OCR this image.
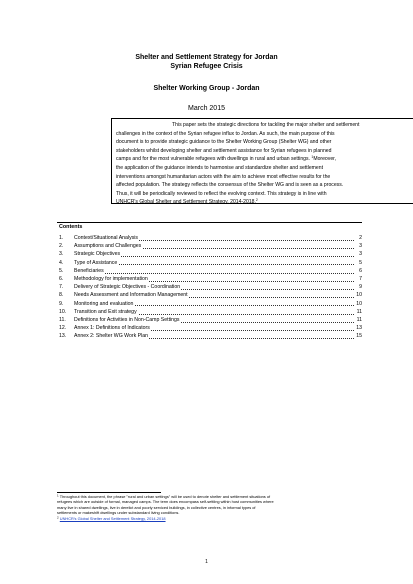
Shelter and Settlement Strategy for Jordan
Syrian Refugee Crisis
Shelter Working Group - Jordan
March 2015
This paper sets the strategic directions for tackling the major shelter and settlement
challenges in the context of the Syrian refugee influx to Jordan. As such, the main purpose of this
document is to provide strategic guidance to the Shelter Working Group (Shelter WG) and other
stakeholders whilst developing shelter and settlement assistance for Syrian refugees in planned
camps and for the most vulnerable refugees with dwellings in rural and urban settings. $^1$Moreover,
the application of the guidance intends to harmonise and standardize shelter and settlement
interventions amongst humanitarian actors with the aim to achieve most effective results for the
affected population. The strategy reflects the consensus of the Shelter WG and is seen as a process.
Thus, it will be periodically reviewed to reflect the evolving context. This strategy is in line with
UNHCR's Global Shelter and Settlement Strategy, 2014-2018.$^2$
Contents
1. Context/Situational Analysis	2
2. Assumptions and Challenges	3
3. Strategic Objectives	3
4. Type of Assistance	5
5. Beneficiaries	6
6. Methodology for implementation	7
7. Delivery of Strategic Objectives - Coordination	9
8. Needs Assessment and Information Management	10
9. Monitoring and evaluation	10
10. Transition and Exit strategy	11
11. Definitions for Activities in Non-Camp Settings	11
12. Annex 1: Definitions of Indicators	13
13. Annex 2: Shelter WG Work Plan	15
$^1$ Throughout this document, the phrase "rural and urban settings" will be used to denote shelter and settlement situations of
refugees which are outside of formal, managed camps. The term does encompass self-settling within host communities where
many live in shared dwellings, live in derelict and poorly serviced buildings, in collective centres, in informal types of
settlements or makeshift dwellings under substandard living conditions.
$^2$ UNHCR's Global Shelter and Settlement Strategy, 2014-2018
1
